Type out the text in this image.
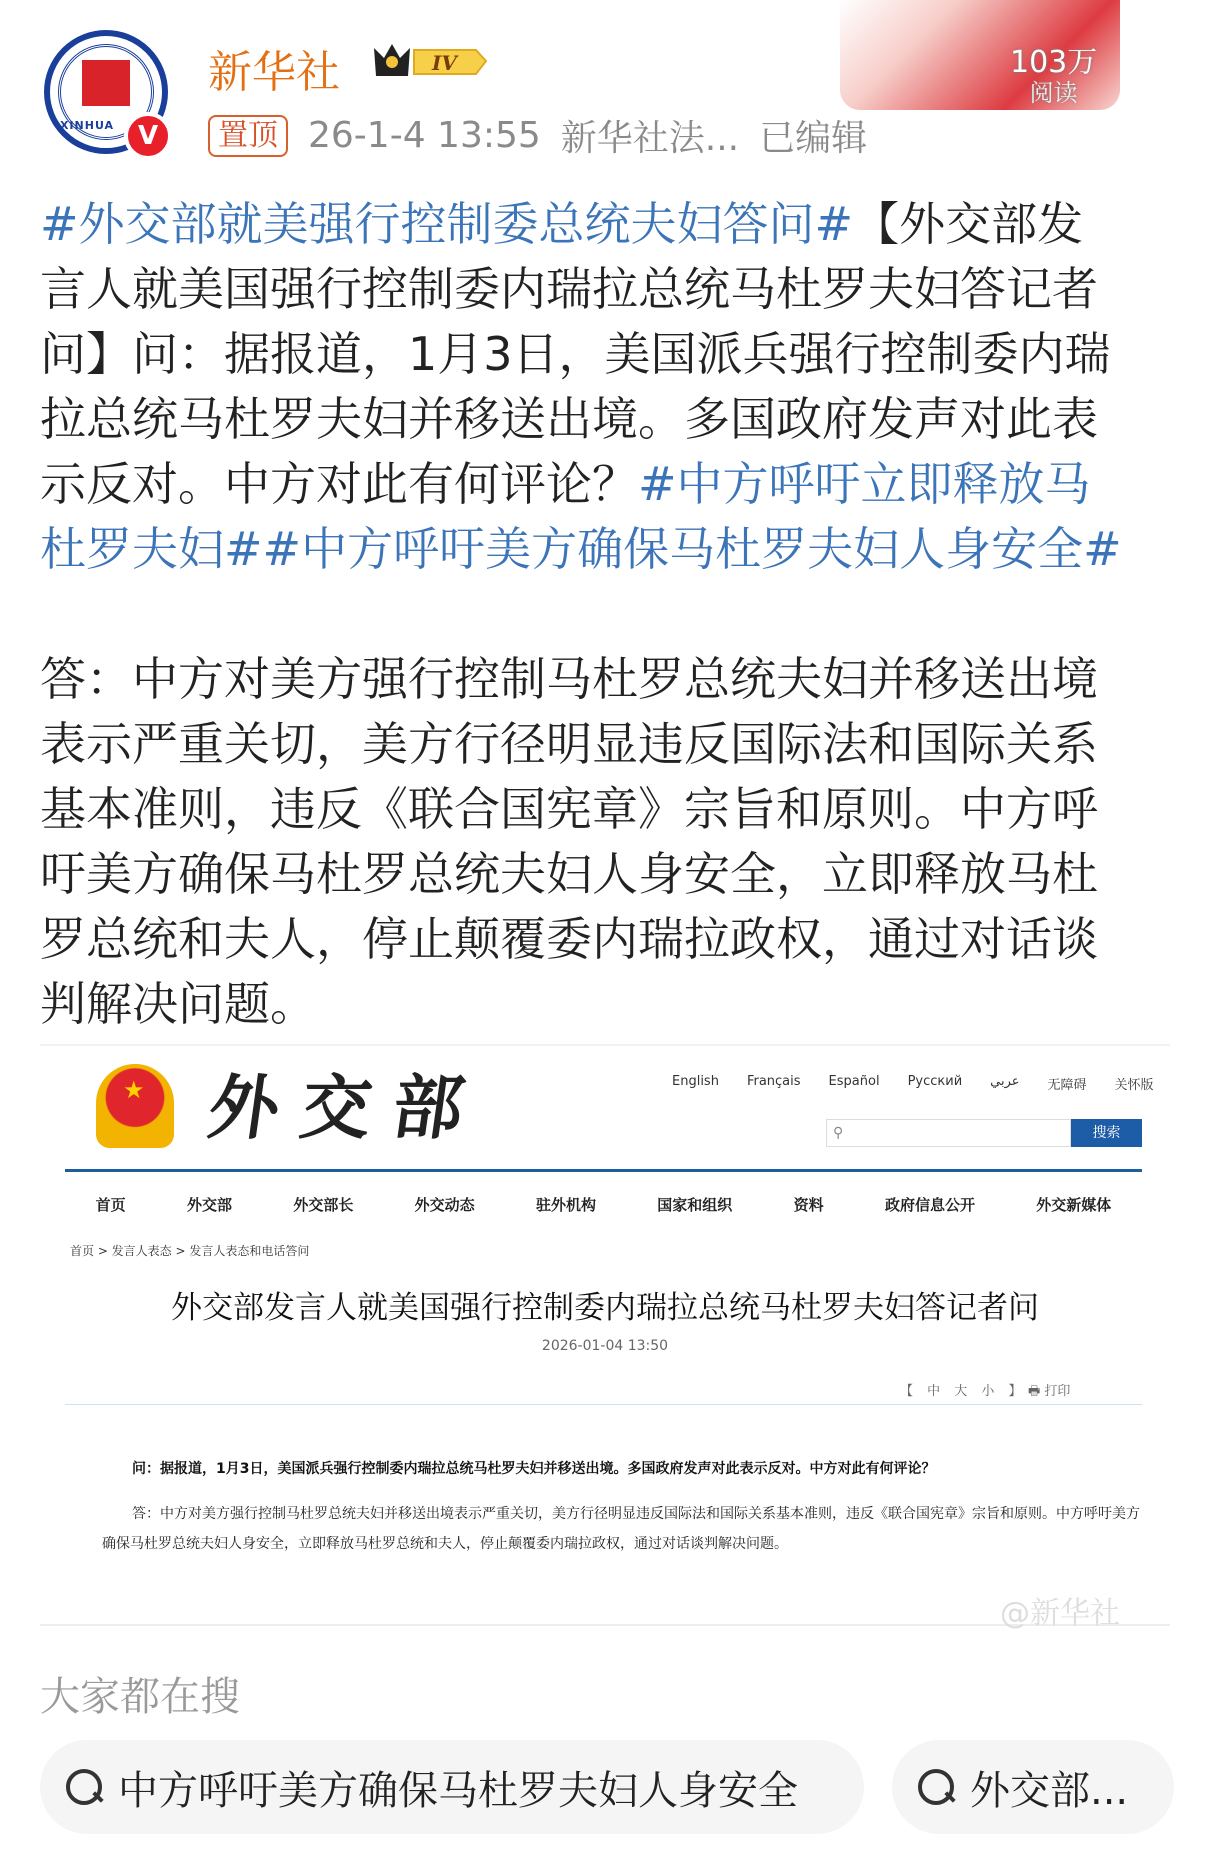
XINHUA V
新华社	IV
置顶 26-1-4 13:55 新华社法... 已编辑
103万
阅读
#外交部就美强行控制委总统夫妇答问#【外交部发
言人就美国强行控制委内瑞拉总统马杜罗夫妇答记者
问】问：据报道，1月3日，美国派兵强行控制委内瑞
拉总统马杜罗夫妇并移送出境。多国政府发声对此表
示反对。中方对此有何评论？#中方呼吁立即释放马
杜罗夫妇##中方呼吁美方确保马杜罗夫妇人身安全#
答：中方对美方强行控制马杜罗总统夫妇并移送出境
表示严重关切，美方行径明显违反国际法和国际关系
基本准则，违反《联合国宪章》宗旨和原则。中方呼
吁美方确保马杜罗总统夫妇人身安全，立即释放马杜
罗总统和夫人，停止颠覆委内瑞拉政权，通过对话谈
判解决问题。
★ 外交部	English Français Español Русский عربي 无障碍 关怀版
⚲	搜索
首页	外交部	外交部长	外交动态	驻外机构	国家和组织	资料	政府信息公开	外交新媒体
首页 > 发言人表态 > 发言人表态和电话答问
外交部发言人就美国强行控制委内瑞拉总统马杜罗夫妇答记者问
2026-01-04 13:50
【 中 大 小 】 🖶 打印
问：据报道，1月3日，美国派兵强行控制委内瑞拉总统马杜罗夫妇并移送出境。多国政府发声对此表示反对。中方对此有何评论？
答：中方对美方强行控制马杜罗总统夫妇并移送出境表示严重关切，美方行径明显违反国际法和国际关系基本准则，违反《联合国宪章》宗旨和原则。中方呼吁美方确保马杜罗总统夫妇人身安全，立即释放马杜罗总统和夫人，停止颠覆委内瑞拉政权，通过对话谈判解决问题。
@新华社
大家都在搜
中方呼吁美方确保马杜罗夫妇人身安全	外交部...
